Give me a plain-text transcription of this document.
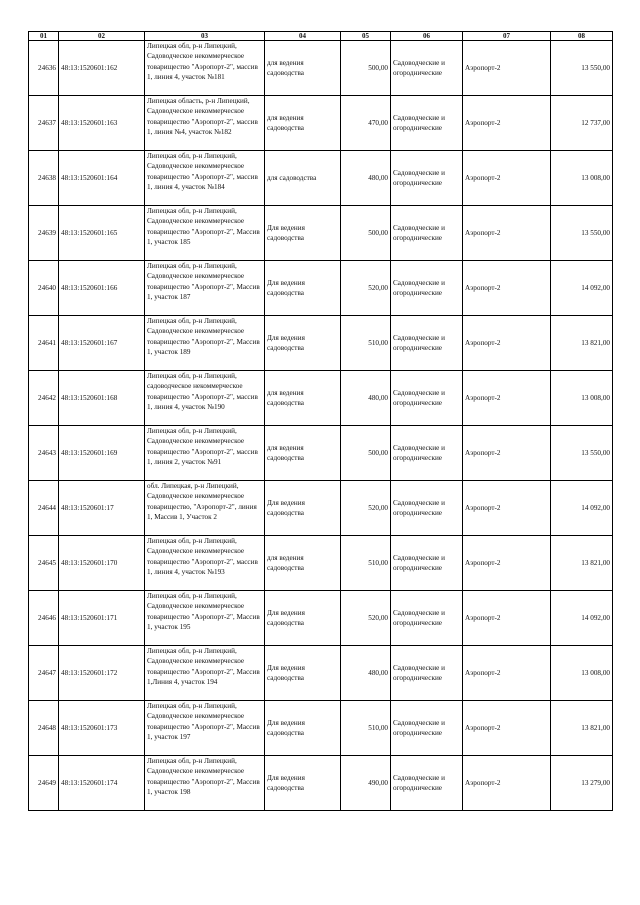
01	02	03	04	05	06	07	08
24636	48:13:1520601:162	Липецкая обл, р-н Липецкий, Садоводческое некоммерческое товарищество "Аэропорт-2", массив 1, линия 4, участок №181	для ведения садоводства	500,00	Садоводческие и огороднические	Аэропорт-2	13 550,00
24637	48:13:1520601:163	Липецкая область, р-н Липецкий, Садоводческое некоммерческое товарищество "Аэропорт-2", массив 1, линия №4, участок №182	для ведения садоводства	470,00	Садоводческие и огороднические	Аэропорт-2	12 737,00
24638	48:13:1520601:164	Липецкая обл, р-н Липецкий, Садоводческое некоммерческое товарищество "Аэропорт-2", массив 1, линия 4, участок №184	для садоводства	480,00	Садоводческие и огороднические	Аэропорт-2	13 008,00
24639	48:13:1520601:165	Липецкая обл, р-н Липецкий, Садоводческое некоммерческое товарищество "Аэропорт-2", Массив 1, участок 185	Для ведения садоводства	500,00	Садоводческие и огороднические	Аэропорт-2	13 550,00
24640	48:13:1520601:166	Липецкая обл, р-н Липецкий, Садоводческое некоммерческое товарищество "Аэропорт-2", Массив 1, участок 187	Для ведения садоводства	520,00	Садоводческие и огороднические	Аэропорт-2	14 092,00
24641	48:13:1520601:167	Липецкая обл, р-н Липецкий, Садоводческое некоммерческое товарищество "Аэропорт-2", Массив 1, участок 189	Для ведения садоводства	510,00	Садоводческие и огороднические	Аэропорт-2	13 821,00
24642	48:13:1520601:168	Липецкая обл, р-н Липецкий, садоводческое некоммерческое товарищество "Аэропорт-2", массив 1, линия 4, участок №190	для ведения садоводства	480,00	Садоводческие и огороднические	Аэропорт-2	13 008,00
24643	48:13:1520601:169	Липецкая обл, р-н Липецкий, Садоводческое некоммерческое товарищество "Аэропорт-2", массив 1, линия 2, участок №91	для ведения садоводства	500,00	Садоводческие и огороднические	Аэропорт-2	13 550,00
24644	48:13:1520601:17	обл. Липецкая, р-н Липецкий, Садоводческое некоммерческое товарищество, "Аэропорт-2", линия 1, Массив 1, Участок 2	Для ведения садоводства	520,00	Садоводческие и огороднические	Аэропорт-2	14 092,00
24645	48:13:1520601:170	Липецкая обл, р-н Липецкий, Садоводческое некоммерческое товарищество "Аэропорт-2", массив 1, линия 4, участок №193	для ведения садоводства	510,00	Садоводческие и огороднические	Аэропорт-2	13 821,00
24646	48:13:1520601:171	Липецкая обл, р-н Липецкий, Садоводческое некоммерческое товарищество "Аэропорт-2", Массив 1, участок 195	Для ведения садоводства	520,00	Садоводческие и огороднические	Аэропорт-2	14 092,00
24647	48:13:1520601:172	Липецкая обл, р-н Липецкий, Садоводческое некоммерческое товарищество "Аэропорт-2", Массив 1,Линия 4, участок 194	Для ведения садоводства	480,00	Садоводческие и огороднические	Аэропорт-2	13 008,00
24648	48:13:1520601:173	Липецкая обл, р-н Липецкий, Садоводческое некоммерческое товарищество "Аэропорт-2", Массив 1, участок 197	Для ведения садоводства	510,00	Садоводческие и огороднические	Аэропорт-2	13 821,00
24649	48:13:1520601:174	Липецкая обл, р-н Липецкий, Садоводческое некоммерческое товарищество "Аэропорт-2", Массив 1, участок 198	Для ведения садоводства	490,00	Садоводческие и огороднические	Аэропорт-2	13 279,00
